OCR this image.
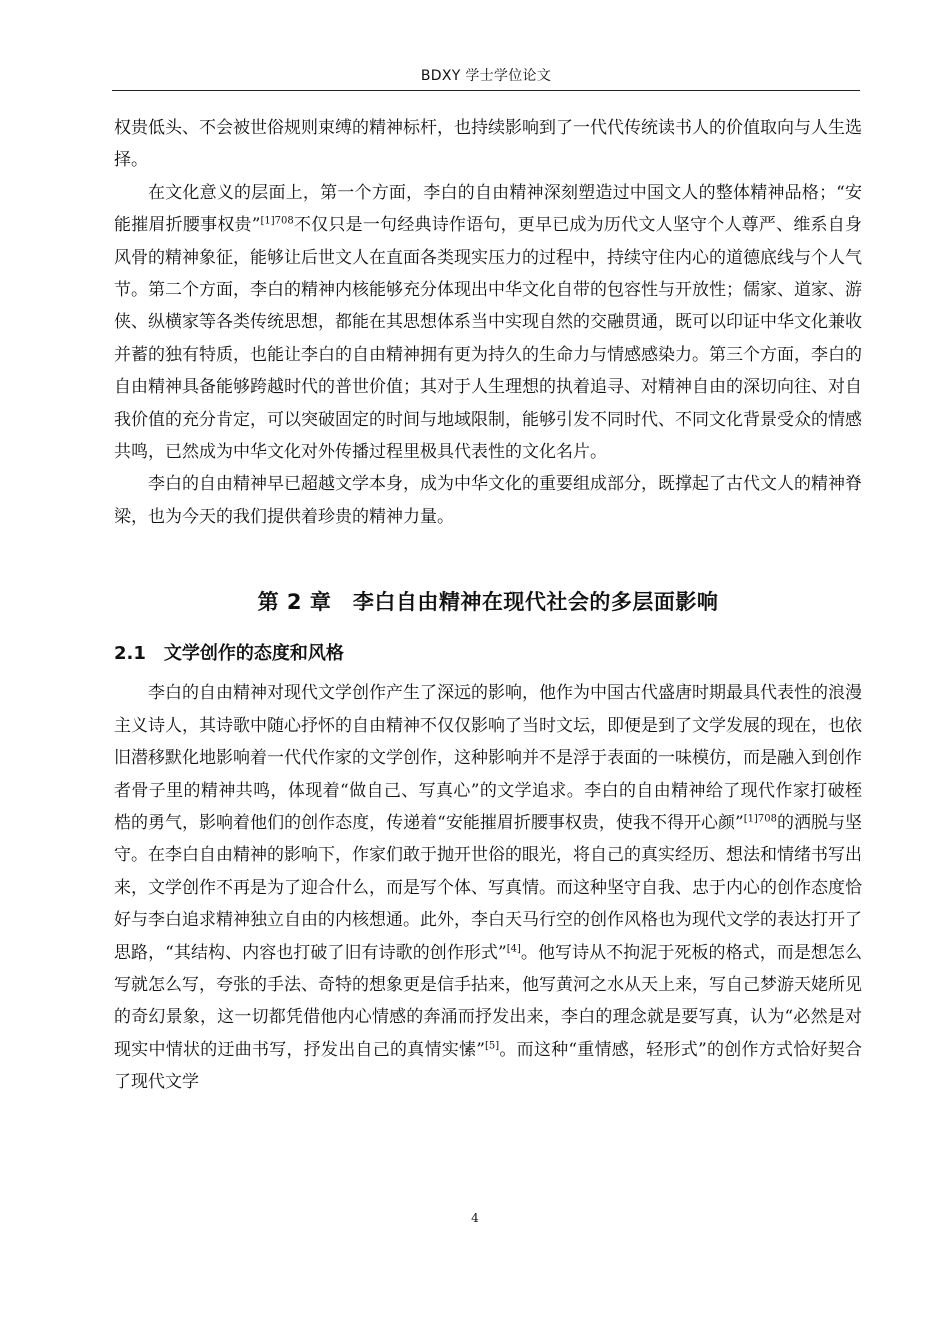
BDXY 学士学位论文

权贵低头、不会被世俗规则束缚的精神标杆，也持续影响到了一代代传统读书人的价值取向与人生选择。

在文化意义的层面上，第一个方面，李白的自由精神深刻塑造过中国文人的整体精神品格；“安能摧眉折腰事权贵”$^{[1]708}$不仅只是一句经典诗作语句，更早已成为历代文人坚守个人尊严、维系自身风骨的精神象征，能够让后世文人在直面各类现实压力的过程中，持续守住内心的道德底线与个人气节。第二个方面，李白的精神内核能够充分体现出中华文化自带的包容性与开放性；儒家、道家、游侠、纵横家等各类传统思想，都能在其思想体系当中实现自然的交融贯通，既可以印证中华文化兼收并蓄的独有特质，也能让李白的自由精神拥有更为持久的生命力与情感感染力。第三个方面，李白的自由精神具备能够跨越时代的普世价值；其对于人生理想的执着追寻、对精神自由的深切向往、对自我价值的充分肯定，可以突破固定的时间与地域限制，能够引发不同时代、不同文化背景受众的情感共鸣，已然成为中华文化对外传播过程里极具代表性的文化名片。

李白的自由精神早已超越文学本身，成为中华文化的重要组成部分，既撑起了古代文人的精神脊梁，也为今天的我们提供着珍贵的精神力量。

第 2 章　李白自由精神在现代社会的多层面影响
2.1　文学创作的态度和风格

李白的自由精神对现代文学创作产生了深远的影响，他作为中国古代盛唐时期最具代表性的浪漫主义诗人，其诗歌中随心抒怀的自由精神不仅仅影响了当时文坛，即便是到了文学发展的现在，也依旧潜移默化地影响着一代代作家的文学创作，这种影响并不是浮于表面的一味模仿，而是融入到创作者骨子里的精神共鸣，体现着“做自己、写真心”的文学追求。李白的自由精神给了现代作家打破桎梏的勇气，影响着他们的创作态度，传递着“安能摧眉折腰事权贵，使我不得开心颜”$^{[1]708}$的洒脱与坚守。在李白自由精神的影响下，作家们敢于抛开世俗的眼光，将自己的真实经历、想法和情绪书写出来，文学创作不再是为了迎合什么，而是写个体、写真情。而这种坚守自我、忠于内心的创作态度恰好与李白追求精神独立自由的内核想通。此外，李白天马行空的创作风格也为现代文学的表达打开了思路，“其结构、内容也打破了旧有诗歌的创作形式”[4]。他写诗从不拘泥于死板的格式，而是想怎么写就怎么写，夸张的手法、奇特的想象更是信手拈来，他写黄河之水从天上来，写自己梦游天姥所见的奇幻景象，这一切都凭借他内心情感的奔涌而抒发出来，李白的理念就是要写真，认为“必然是对现实中情状的迂曲书写，抒发出自己的真情实愫”[5]。而这种“重情感，轻形式”的创作方式恰好契合了现代文学

4
